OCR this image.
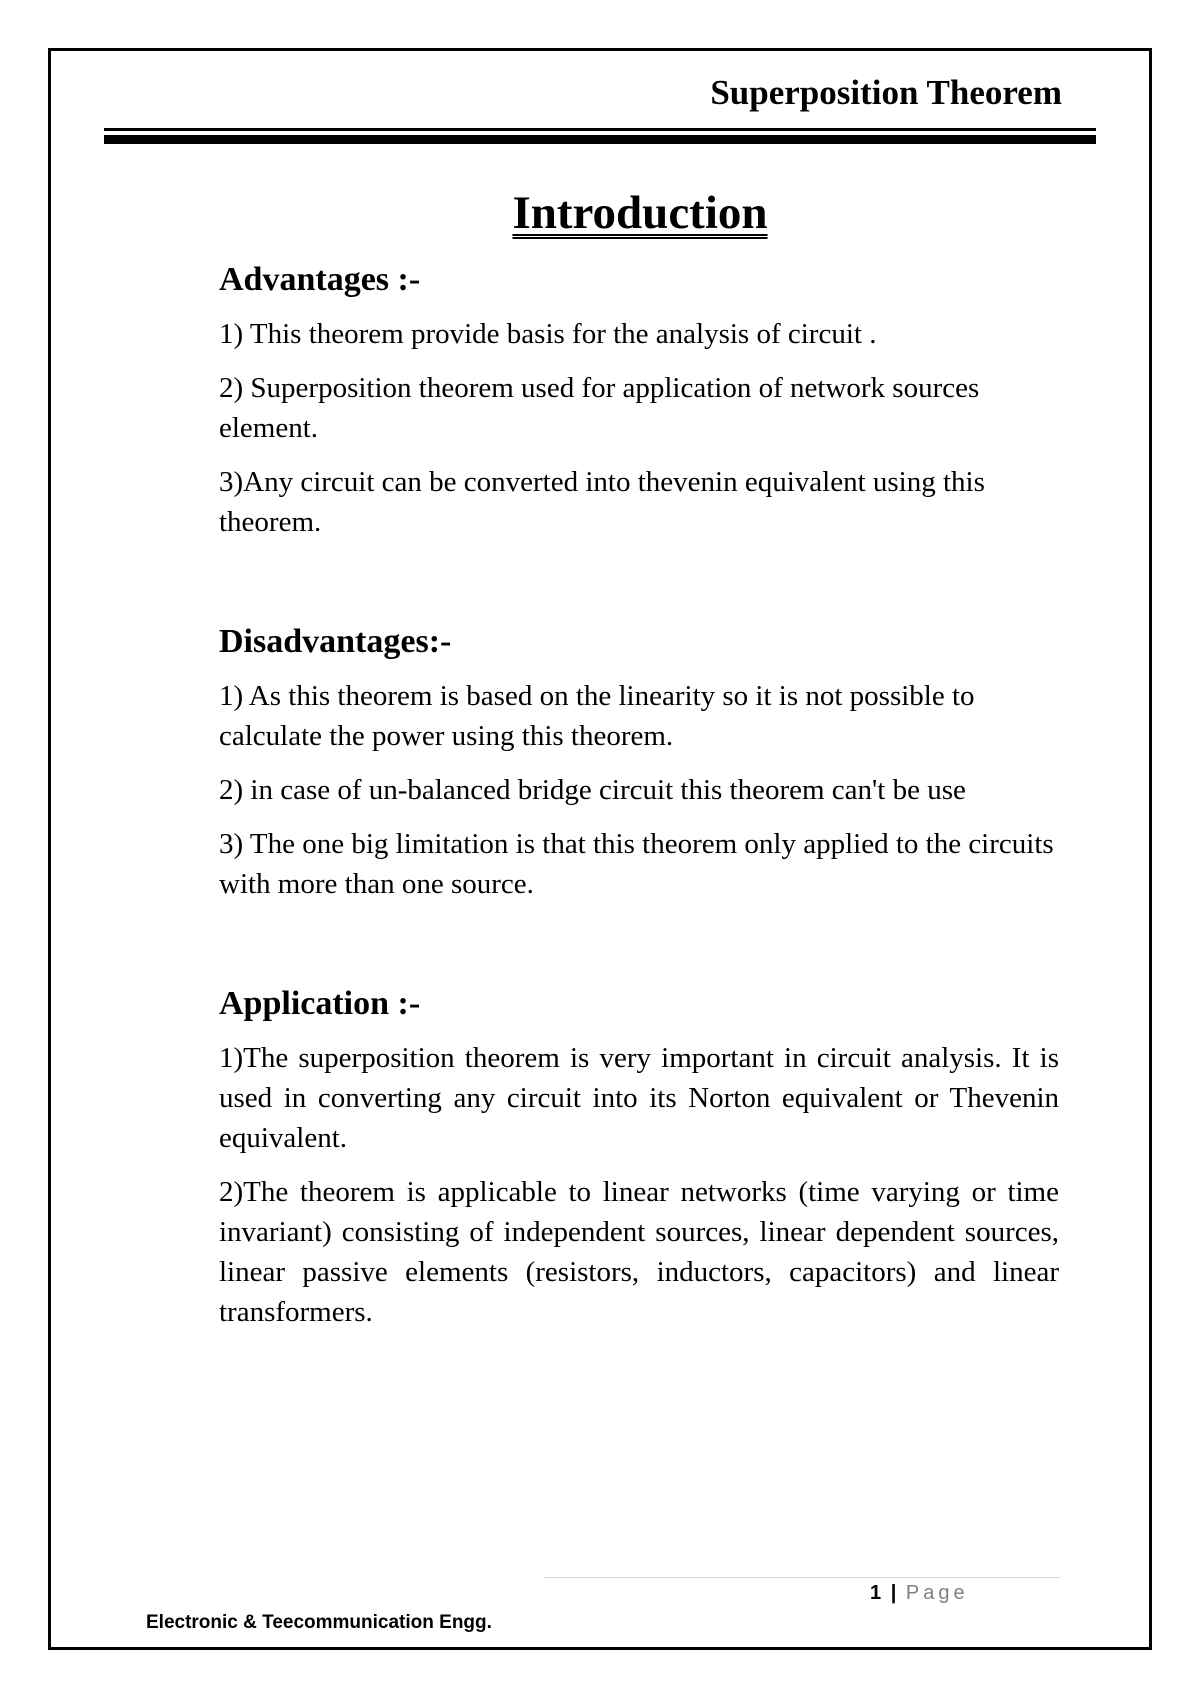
Superposition Theorem
Introduction
Advantages :-

1) This theorem provide basis for the analysis of circuit .

2) Superposition theorem used for application of network sources element.

3)Any circuit can be converted into thevenin equivalent using this theorem.

Disadvantages:-

1) As this theorem is based on the linearity so it is not possible to calculate the power using this theorem.

2) in case of un-balanced bridge circuit this theorem can't be use

3) The one big limitation is that this theorem only applied to the circuits with more than one source.

Application :-

1)The superposition theorem is very important in circuit analysis. It is used in converting any circuit into its Norton equivalent or Thevenin equivalent.

2)The theorem is applicable to linear networks (time varying or time invariant) consisting of independent sources, linear dependent sources, linear passive elements (resistors, inductors, capacitors) and linear transformers.

1 | Page
Electronic & Teecommunication Engg.
